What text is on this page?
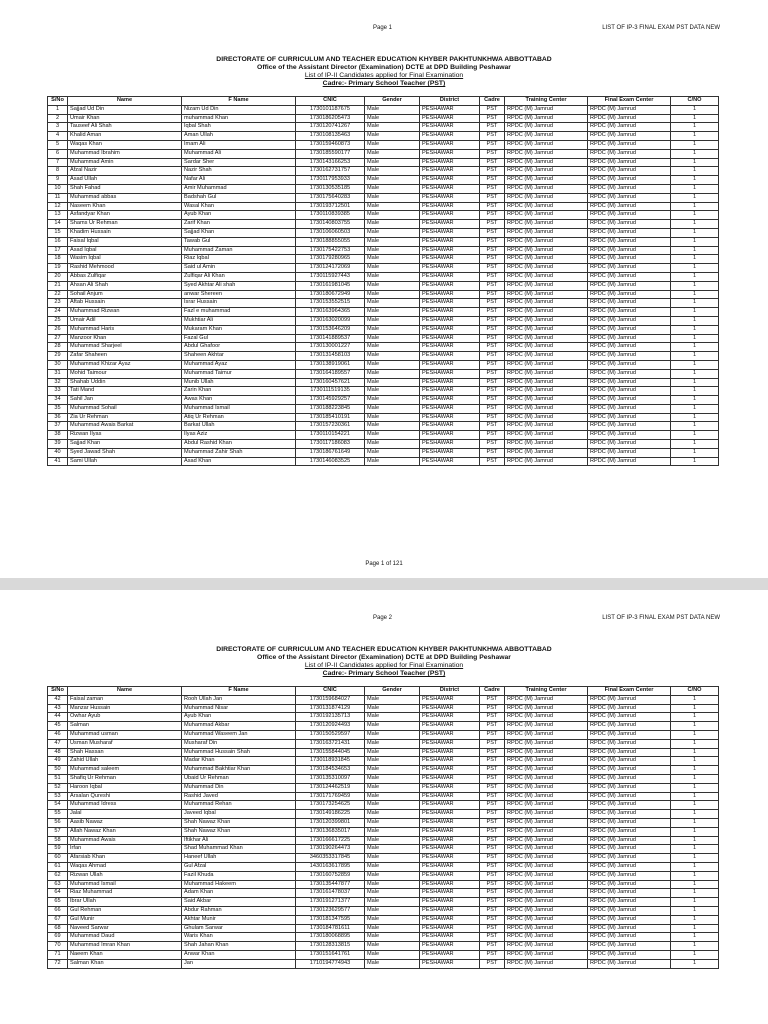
Page 1	LIST OF IP-3 FINAL EXAM PST DATA NEW
DIRECTORATE OF CURRICULUM AND TEACHER EDUCATION KHYBER PAKHTUNKHWA ABBOTTABAD
Office of the Assistant Director (Examination) DCTE at DPD Building Peshawar
List of IP-II Candidates applied for Final Examination
Cadre:- Primary School Teacher (PST)
S/No	Name	F Name	CNIC	Gender	District	Cadre	Training Center	Final Exam Center	C/NO
1	Sajjad Ud Din	Nizam Ud Din	1730101187675	Male	PESHAWAR	PST	RPDC (M) Jamrud	RPDC (M) Jamrud	1
2	Umair Khan	muhammad Khan	1730186205473	Male	PESHAWAR	PST	RPDC (M) Jamrud	RPDC (M) Jamrud	1
3	Tauseef Ali Shah	Iqbal Shah	1730120741267	Male	PESHAWAR	PST	RPDC (M) Jamrud	RPDC (M) Jamrud	1
4	Khalid Aman	Aman Ullah	1730108135463	Male	PESHAWAR	PST	RPDC (M) Jamrud	RPDC (M) Jamrud	1
5	Waqas Khan	Imam Ali	1730159460873	Male	PESHAWAR	PST	RPDC (M) Jamrud	RPDC (M) Jamrud	1
6	Muhammad Ibrahim	Muhammad Ali	1730185590177	Male	PESHAWAR	PST	RPDC (M) Jamrud	RPDC (M) Jamrud	1
7	Muhammad Amin	Sardar Sher	1730143166253	Male	PESHAWAR	PST	RPDC (M) Jamrud	RPDC (M) Jamrud	1
8	Afzal Nazir	Nazir Shah	1730162731757	Male	PESHAWAR	PST	RPDC (M) Jamrud	RPDC (M) Jamrud	1
9	Asad Ullah	Nafar Ali	1730117953933	Male	PESHAWAR	PST	RPDC (M) Jamrud	RPDC (M) Jamrud	1
10	Shah Fahad	Amir Muhammad	1730130535185	Male	PESHAWAR	PST	RPDC (M) Jamrud	RPDC (M) Jamrud	1
11	Muhammad abbas	Badshah Gul	1730175640283	Male	PESHAWAR	PST	RPDC (M) Jamrud	RPDC (M) Jamrud	1
12	Naseem Khan	Wasal Khan	1730193712501	Male	PESHAWAR	PST	RPDC (M) Jamrud	RPDC (M) Jamrud	1
13	Asfandyar Khan	Ayub Khan	1730110839385	Male	PESHAWAR	PST	RPDC (M) Jamrud	RPDC (M) Jamrud	1
14	Shams Ur Rehman	Zarif Khan	1730140803755	Male	PESHAWAR	PST	RPDC (M) Jamrud	RPDC (M) Jamrud	1
15	Khadim Hussain	Sajjad Khan	1730106060503	Male	PESHAWAR	PST	RPDC (M) Jamrud	RPDC (M) Jamrud	1
16	Faisal Iqbal	Tawab Gul	1730188855055	Male	PESHAWAR	PST	RPDC (M) Jamrud	RPDC (M) Jamrud	1
17	Asad Iqbal	Muhammad Zaman	1730175422753	Male	PESHAWAR	PST	RPDC (M) Jamrud	RPDC (M) Jamrud	1
18	Wasim Iqbal	Riaz Iqbal	1730179280965	Male	PESHAWAR	PST	RPDC (M) Jamrud	RPDC (M) Jamrud	1
19	Rashid Mehmood	Said ul Amin	1730124172069	Male	PESHAWAR	PST	RPDC (M) Jamrud	RPDC (M) Jamrud	1
20	Abbas Zulfiqar	Zulfiqar Ali Khan	1730115927443	Male	PESHAWAR	PST	RPDC (M) Jamrud	RPDC (M) Jamrud	1
21	Ahsan Ali Shah	Syed Akhtar Ali shah	1730161981045	Male	PESHAWAR	PST	RPDC (M) Jamrud	RPDC (M) Jamrud	1
22	Sohail Anjum	anwar Shereen	1730180672949	Male	PESHAWAR	PST	RPDC (M) Jamrud	RPDC (M) Jamrud	1
23	Aftab Hussain	Israr Hussain	1730153552515	Male	PESHAWAR	PST	RPDC (M) Jamrud	RPDC (M) Jamrud	1
24	Muhammad Rizwan	Fazl e muhammad	1730163964365	Male	PESHAWAR	PST	RPDC (M) Jamrud	RPDC (M) Jamrud	1
25	Umair Adil	Mukhtiar Ali	1730163020099	Male	PESHAWAR	PST	RPDC (M) Jamrud	RPDC (M) Jamrud	1
26	Muhammad Haris	Mukaram Khan	1730153646209	Male	PESHAWAR	PST	RPDC (M) Jamrud	RPDC (M) Jamrud	1
27	Manzoor Khan	Fazal Gul	1730141889537	Male	PESHAWAR	PST	RPDC (M) Jamrud	RPDC (M) Jamrud	1
28	Muhammad Sharjeel	Abdul Ghafoor	1730130001227	Male	PESHAWAR	PST	RPDC (M) Jamrud	RPDC (M) Jamrud	1
29	Zafar Shaheen	Shaheen Akhtar	1730131458103	Male	PESHAWAR	PST	RPDC (M) Jamrud	RPDC (M) Jamrud	1
30	Muhammad Khizar Ayaz	Muhammad Ayaz	1730138919061	Male	PESHAWAR	PST	RPDC (M) Jamrud	RPDC (M) Jamrud	1
31	Mohid Taimour	Muhammad Taimur	1730164189557	Male	PESHAWAR	PST	RPDC (M) Jamrud	RPDC (M) Jamrud	1
32	Shahab Uddin	Munib Ullah	1730160457621	Male	PESHAWAR	PST	RPDC (M) Jamrud	RPDC (M) Jamrud	1
33	Tati Mand	Zarin Khan	1730111519135	Male	PESHAWAR	PST	RPDC (M) Jamrud	RPDC (M) Jamrud	1
34	Sahil Jan	Awas Khan	1730145929257	Male	PESHAWAR	PST	RPDC (M) Jamrud	RPDC (M) Jamrud	1
35	Muhammad Sohail	Muhammad Ismail	1730188223845	Male	PESHAWAR	PST	RPDC (M) Jamrud	RPDC (M) Jamrud	1
36	Zia Ur Rehman	Atiq Ur Rehman	1730185410191	Male	PESHAWAR	PST	RPDC (M) Jamrud	RPDC (M) Jamrud	1
37	Muhammad Awais Barkat	Barkat Ullah	1730157230361	Male	PESHAWAR	PST	RPDC (M) Jamrud	RPDC (M) Jamrud	1
38	Rizwan Ilyas	Ilyas Aziz	1730110154221	Male	PESHAWAR	PST	RPDC (M) Jamrud	RPDC (M) Jamrud	1
39	Sajjad Khan	Abdul Rashid Khan	1730117186083	Male	PESHAWAR	PST	RPDC (M) Jamrud	RPDC (M) Jamrud	1
40	Syed Jawad Shah	Muhammad Zahir Shah	1730186761649	Male	PESHAWAR	PST	RPDC (M) Jamrud	RPDC (M) Jamrud	1
41	Sami Ullah	Asad Khan	1730146083525	Male	PESHAWAR	PST	RPDC (M) Jamrud	RPDC (M) Jamrud	1
Page 1 of 121
Page 2	LIST OF IP-3 FINAL EXAM PST DATA NEW
DIRECTORATE OF CURRICULUM AND TEACHER EDUCATION KHYBER PAKHTUNKHWA ABBOTTABAD
Office of the Assistant Director (Examination) DCTE at DPD Building Peshawar
List of IP-II Candidates applied for Final Examination
Cadre:- Primary School Teacher (PST)
S/No	Name	F Name	CNIC	Gender	District	Cadre	Training Center	Final Exam Center	C/NO
42	Faisal zaman	Rooh Ullah Jan	1730159684027	Male	PESHAWAR	PST	RPDC (M) Jamrud	RPDC (M) Jamrud	1
43	Manzar Hussain	Muhammad Nisar	1730131874129	Male	PESHAWAR	PST	RPDC (M) Jamrud	RPDC (M) Jamrud	1
44	Owhar Ayub	Ayub Khan	1730192135713	Male	PESHAWAR	PST	RPDC (M) Jamrud	RPDC (M) Jamrud	1
45	Salman	Muhammad Akbar	1730120924493	Male	PESHAWAR	PST	RPDC (M) Jamrud	RPDC (M) Jamrud	1
46	Muhammad usman	Muhammad Waseem Jan	1730150529597	Male	PESHAWAR	PST	RPDC (M) Jamrud	RPDC (M) Jamrud	1
47	Usman Musharaf	Musharaf Din	1730163721431	Male	PESHAWAR	PST	RPDC (M) Jamrud	RPDC (M) Jamrud	1
48	Shah Hassan	Muhammad Hussain Shah	1730155844045	Male	PESHAWAR	PST	RPDC (M) Jamrud	RPDC (M) Jamrud	1
49	Zahid Ullah	Madar Khan	1730118931845	Male	PESHAWAR	PST	RPDC (M) Jamrud	RPDC (M) Jamrud	1
50	Muhammad saleem	Muhammad Bakhtiar Khan	1730184534653	Male	PESHAWAR	PST	RPDC (M) Jamrud	RPDC (M) Jamrud	1
51	Shafiq Ur Rehman	Ubaid Ur Rehman	1730135310097	Male	PESHAWAR	PST	RPDC (M) Jamrud	RPDC (M) Jamrud	1
52	Haroon Iqbal	Muhammad Din	1730124462519	Male	PESHAWAR	PST	RPDC (M) Jamrud	RPDC (M) Jamrud	1
53	Arsalan Qureshi	Rashid Javed	1730171769459	Male	PESHAWAR	PST	RPDC (M) Jamrud	RPDC (M) Jamrud	1
54	Muhammad Idress	Muhammad Rehan	1730173254625	Male	PESHAWAR	PST	RPDC (M) Jamrud	RPDC (M) Jamrud	1
55	Jalal	Javeed Iqbal	1730149186225	Male	PESHAWAR	PST	RPDC (M) Jamrud	RPDC (M) Jamrud	1
56	Aasib Nawaz	Shah Nawaz Khan	1730120399801	Male	PESHAWAR	PST	RPDC (M) Jamrud	RPDC (M) Jamrud	1
57	Allah Nawaz Khan	Shah Nawaz Khan	1730136835017	Male	PESHAWAR	PST	RPDC (M) Jamrud	RPDC (M) Jamrud	1
58	Muhammad Awais	Iftikhar Ali	1730166617225	Male	PESHAWAR	PST	RPDC (M) Jamrud	RPDC (M) Jamrud	1
59	Irfan	Shad Muhammad Khan	1730190264473	Male	PESHAWAR	PST	RPDC (M) Jamrud	RPDC (M) Jamrud	1
60	Afarsiab Khan	Haneef Ullah	3460353317845	Male	PESHAWAR	PST	RPDC (M) Jamrud	RPDC (M) Jamrud	1
61	Waqas Ahmad	Gul Afzal	1430163617895	Male	PESHAWAR	PST	RPDC (M) Jamrud	RPDC (M) Jamrud	1
62	Rizwan Ullah	Fazil Khuda	1730160752859	Male	PESHAWAR	PST	RPDC (M) Jamrud	RPDC (M) Jamrud	1
63	Muhammad Ismail	Muhammad Hakeem	1730135447877	Male	PESHAWAR	PST	RPDC (M) Jamrud	RPDC (M) Jamrud	1
64	Riaz Muhammad	Adam Khan	1730161478037	Male	PESHAWAR	PST	RPDC (M) Jamrud	RPDC (M) Jamrud	1
65	Ibrar Ullah	Said Akbar	1730191271377	Male	PESHAWAR	PST	RPDC (M) Jamrud	RPDC (M) Jamrud	1
66	Gul Rehman	Abdur Rahman	1730123629577	Male	PESHAWAR	PST	RPDC (M) Jamrud	RPDC (M) Jamrud	1
67	Gul Munir	Akhtar Munir	1730181347595	Male	PESHAWAR	PST	RPDC (M) Jamrud	RPDC (M) Jamrud	1
68	Naveed Sarwar	Ghulam Sarwar	1730184781611	Male	PESHAWAR	PST	RPDC (M) Jamrud	RPDC (M) Jamrud	1
69	Muhammad Daud	Waris Khan	1730180068895	Male	PESHAWAR	PST	RPDC (M) Jamrud	RPDC (M) Jamrud	1
70	Muhammad Imran Khan	Shah Jahan Khan	1730128313815	Male	PESHAWAR	PST	RPDC (M) Jamrud	RPDC (M) Jamrud	1
71	Naeem Khan	Anwar Khan	1730151641761	Male	PESHAWAR	PST	RPDC (M) Jamrud	RPDC (M) Jamrud	1
72	Salman Khan	Jan	1710194774943	Male	PESHAWAR	PST	RPDC (M) Jamrud	RPDC (M) Jamrud	1
